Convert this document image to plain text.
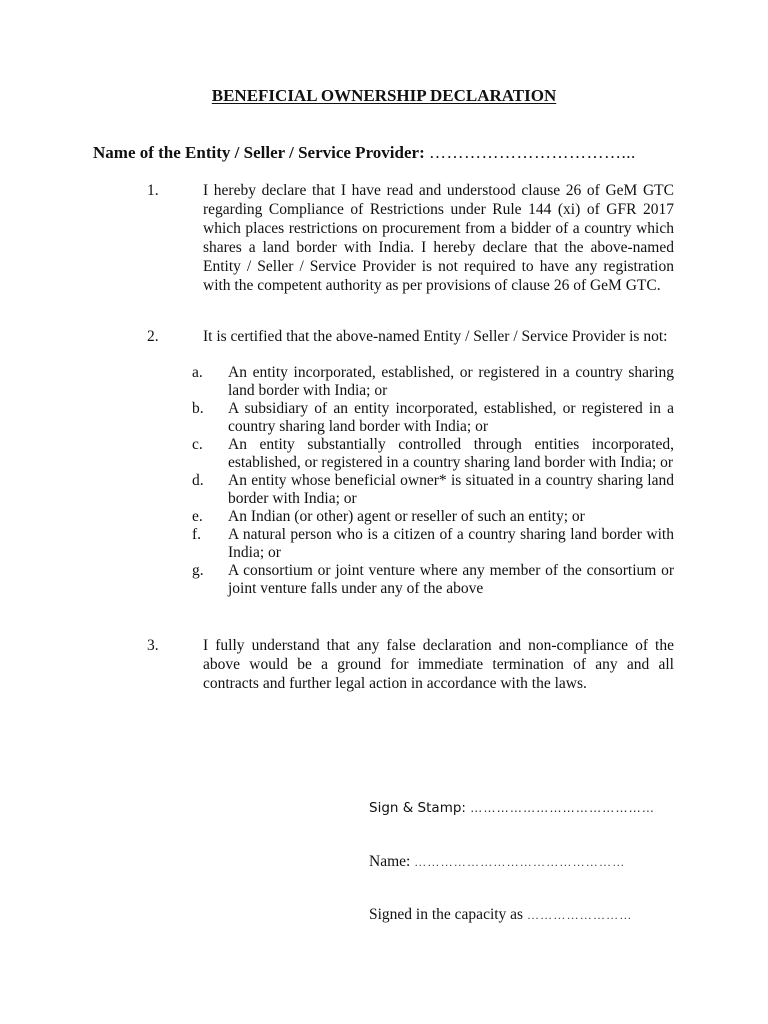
BENEFICIAL OWNERSHIP DECLARATION
Name of the Entity / Seller / Service Provider: ……………………………...
1.	I hereby declare that I have read and understood clause 26 of GeM GTC regarding Compliance of Restrictions under Rule 144 (xi) of GFR 2017 which places restrictions on procurement from a bidder of a country which shares a land border with India. I hereby declare that the above-named Entity / Seller / Service Provider is not required to have any registration with the competent authority as per provisions of clause 26 of GeM GTC.
2.	It is certified that the above-named Entity / Seller / Service Provider is not:
a. An entity incorporated, established, or registered in a country sharing land border with India; or
b. A subsidiary of an entity incorporated, established, or registered in a country sharing land border with India; or
c. An entity substantially controlled through entities incorporated, established, or registered in a country sharing land border with India; or
d. An entity whose beneficial owner* is situated in a country sharing land border with India; or
e. An Indian (or other) agent or reseller of such an entity; or
f. A natural person who is a citizen of a country sharing land border with India; or
g. A consortium or joint venture where any member of the consortium or joint venture falls under any of the above
3.	I fully understand that any false declaration and non-compliance of the above would be a ground for immediate termination of any and all contracts and further legal action in accordance with the laws.
Sign & Stamp: ……………………………………
Name: …………………………………………
Signed in the capacity as ……………………
